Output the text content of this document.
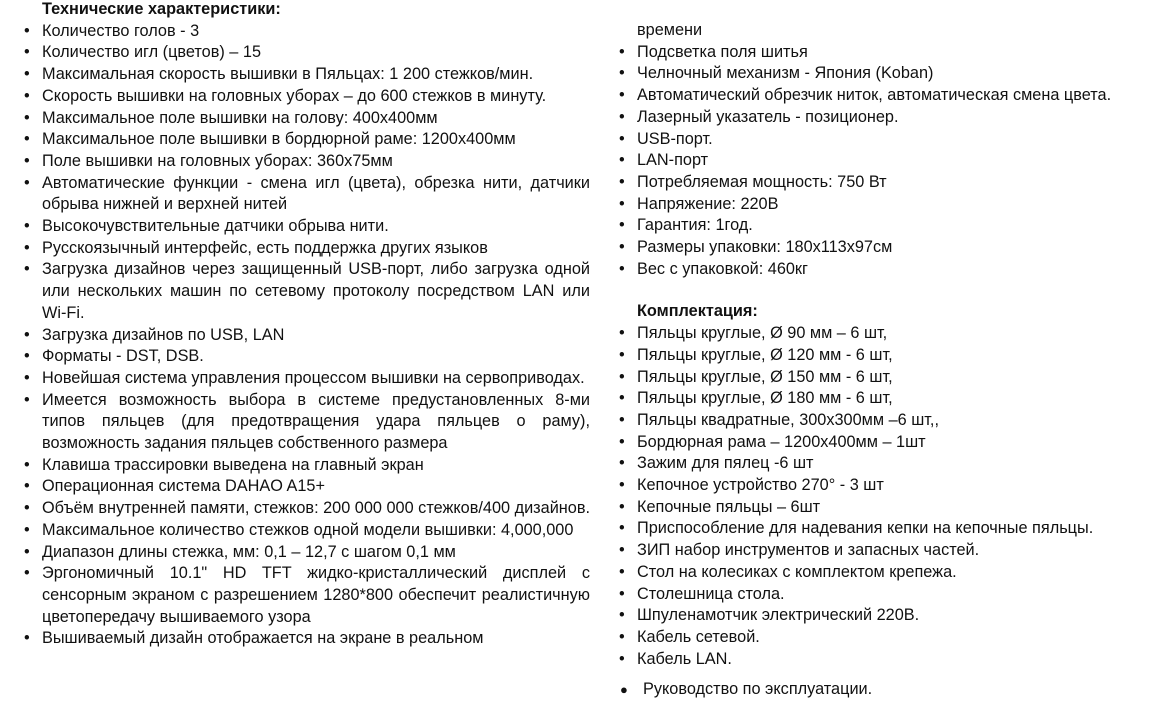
Технические характеристики:
• Количество голов - 3
• Количество игл (цветов) – 15
• Максимальная скорость вышивки в Пяльцах: 1 200 стежков/мин.
• Скорость вышивки на головных уборах – до 600 стежков в минуту.
• Максимальное поле вышивки на голову: 400х400мм
• Максимальное поле вышивки в бордюрной раме: 1200х400мм
• Поле вышивки на головных уборах: 360х75мм
• Автоматические функции - смена игл (цвета), обрезка нити, датчики обрыва нижней и верхней нитей
• Высокочувствительные датчики обрыва нити.
• Русскоязычный интерфейс, есть поддержка других языков
• Загрузка дизайнов через защищенный USB-порт, либо загрузка одной или нескольких машин по сетевому протоколу посредством LAN или Wi-Fi.
• Загрузка дизайнов по USB, LAN
• Форматы - DST, DSB.
• Новейшая система управления процессом вышивки на сервоприводах.
• Имеется возможность выбора в системе предустановленных 8-ми типов пяльцев (для предотвращения удара пяльцев о раму), возможность задания пяльцев собственного размера
• Клавиша трассировки выведена на главный экран
• Операционная система DAHAO A15+
• Объём внутренней памяти, стежков: 200 000 000 стежков/400 дизайнов.
• Максимальное количество стежков одной модели вышивки: 4,000,000
• Диапазон длины стежка, мм: 0,1 – 12,7 с шагом 0,1 мм
• Эргономичный 10.1" HD TFT жидко-кристаллический дисплей с сенсорным экраном с разрешением 1280*800 обеспечит реалистичную цветопередачу вышиваемого узора
• Вышиваемый дизайн отображается на экране в реальном
времени
• Подсветка поля шитья
• Челночный механизм - Япония (Koban)
• Автоматический обрезчик ниток, автоматическая смена цвета.
• Лазерный указатель - позиционер.
• USB-порт.
• LAN-порт
• Потребляемая мощность: 750 Вт
• Напряжение: 220В
• Гарантия: 1год.
• Размеры упаковки: 180x113x97см
• Вес с упаковкой: 460кг
Комплектация:
• Пяльцы круглые, Ø 90 мм – 6 шт,
• Пяльцы круглые, Ø 120 мм - 6 шт,
• Пяльцы круглые, Ø 150 мм - 6 шт,
• Пяльцы круглые, Ø 180 мм - 6 шт,
• Пяльцы квадратные, 300х300мм –6 шт,,
• Бордюрная рама – 1200х400мм – 1шт
• Зажим для пялец -6 шт
• Кепочное устройство 270° - 3 шт
• Кепочные пяльцы – 6шт
• Приспособление для надевания кепки на кепочные пяльцы.
• ЗИП набор инструментов и запасных частей.
• Стол на колесиках с комплектом крепежа.
• Столешница стола.
• Шпуленамотчик электрический 220В.
• Кабель сетевой.
• Кабель LAN.
● Руководство по эксплуатации.
